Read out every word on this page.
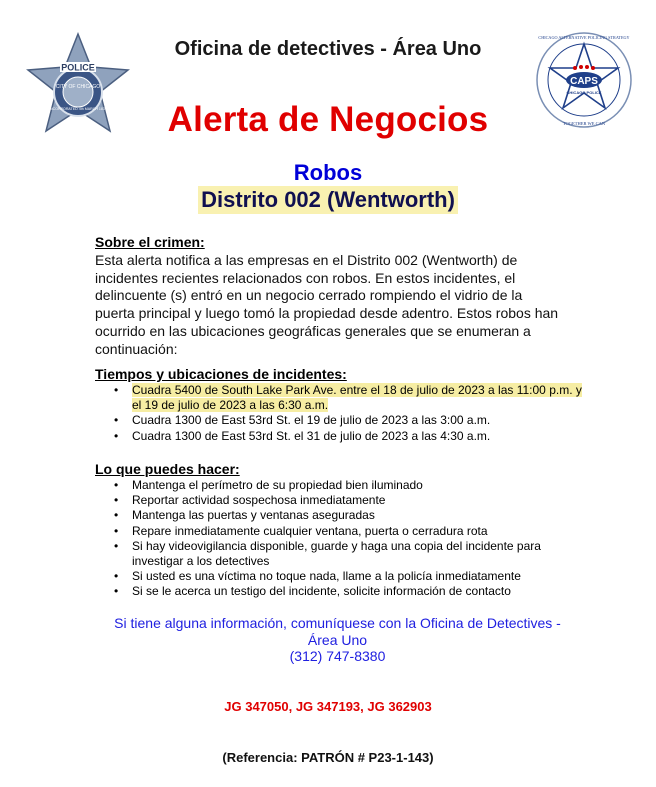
POLICE
CITY OF CHICAGO
INCORPORATED 4th MARCH 1837
CAPS
CHICAGO POLICE
CHICAGO ALTERNATIVE POLICING STRATEGY
TOGETHER WE CAN
Oficina de detectives - Área Uno
Alerta de Negocios
Robos
Distrito 002 (Wentworth)
Sobre el crimen:
Esta alerta notifica a las empresas en el Distrito 002 (Wentworth) de incidentes recientes relacionados con robos. En estos incidentes, el delincuente (s) entró en un negocio cerrado rompiendo el vidrio de la puerta principal y luego tomó la propiedad desde adentro. Estos robos han ocurrido en las ubicaciones geográficas generales que se enumeran a continuación:
Tiempos y ubicaciones de incidentes:
• Cuadra 5400 de South Lake Park Ave. entre el 18 de julio de 2023 a las 11:00 p.m. y el 19 de julio de 2023 a las 6:30 a.m.
• Cuadra 1300 de East 53rd St. el 19 de julio de 2023 a las 3:00 a.m.
• Cuadra 1300 de East 53rd St. el 31 de julio de 2023 a las 4:30 a.m.
Lo que puedes hacer:
• Mantenga el perímetro de su propiedad bien iluminado
• Reportar actividad sospechosa inmediatamente
• Mantenga las puertas y ventanas aseguradas
• Repare inmediatamente cualquier ventana, puerta o cerradura rota
• Si hay videovigilancia disponible, guarde y haga una copia del incidente para investigar a los detectives
• Si usted es una víctima no toque nada, llame a la policía inmediatamente
• Si se le acerca un testigo del incidente, solicite información de contacto
Si tiene alguna información, comuníquese con la Oficina de Detectives - Área Uno
(312) 747-8380
JG 347050, JG 347193, JG 362903
(Referencia: PATRÓN # P23-1-143)
